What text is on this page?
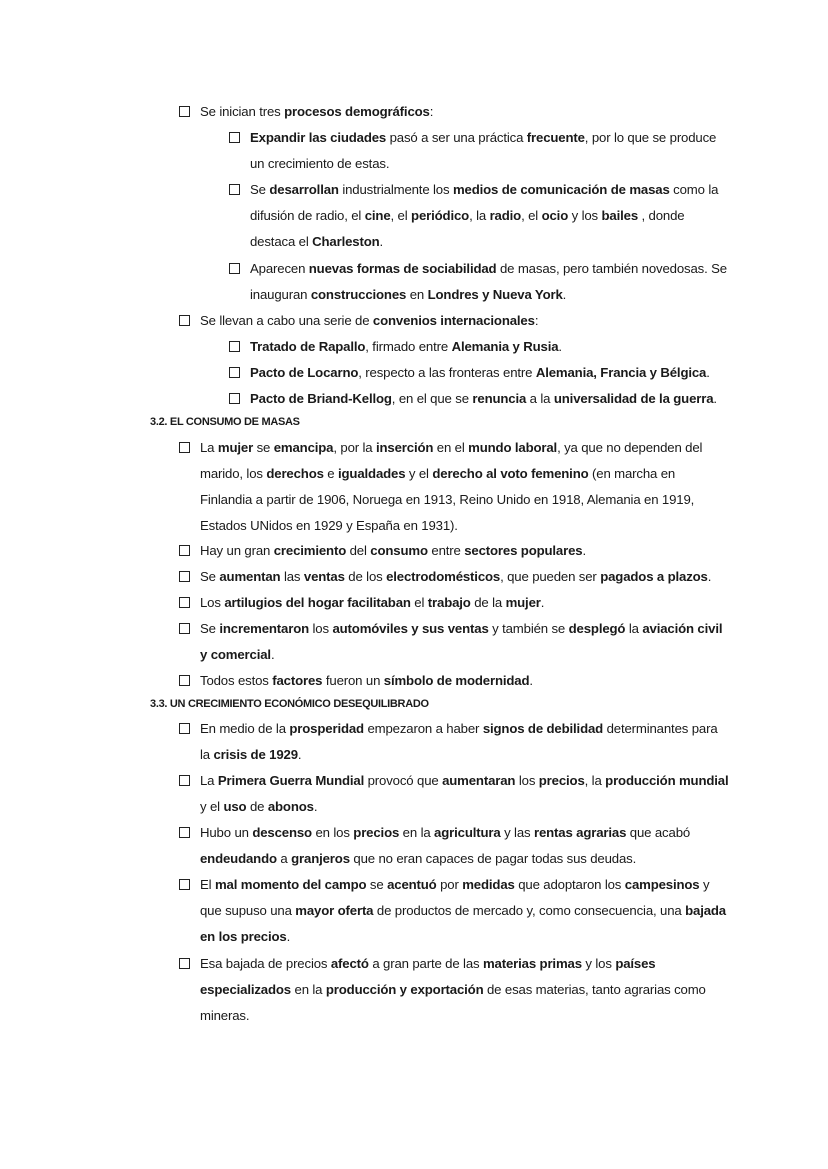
Se inician tres procesos demográficos:
Expandir las ciudades pasó a ser una práctica frecuente, por lo que se produce un crecimiento de estas.
Se desarrollan industrialmente los medios de comunicación de masas como la difusión de radio, el cine, el periódico, la radio, el ocio y los bailes , donde destaca el Charleston.
Aparecen nuevas formas de sociabilidad de masas, pero también novedosas. Se inauguran construcciones en Londres y Nueva York.
Se llevan a cabo una serie de convenios internacionales:
Tratado de Rapallo, firmado entre Alemania y Rusia.
Pacto de Locarno, respecto a las fronteras entre Alemania, Francia y Bélgica.
Pacto de Briand-Kellog, en el que se renuncia a la universalidad de la guerra.
3.2. EL CONSUMO DE MASAS
La mujer se emancipa, por la inserción en el mundo laboral, ya que no dependen del marido, los derechos e igualdades y el derecho al voto femenino (en marcha en Finlandia a partir de 1906, Noruega en 1913, Reino Unido en 1918, Alemania en 1919, Estados UNidos en 1929 y España en 1931).
Hay un gran crecimiento del consumo entre sectores populares.
Se aumentan las ventas de los electrodomésticos, que pueden ser pagados a plazos.
Los artilugios del hogar facilitaban el trabajo de la mujer.
Se incrementaron los automóviles y sus ventas y también se desplegó la aviación civil y comercial.
Todos estos factores fueron un símbolo de modernidad.
3.3. UN CRECIMIENTO ECONÓMICO DESEQUILIBRADO
En medio de la prosperidad empezaron a haber signos de debilidad determinantes para la crisis de 1929.
La Primera Guerra Mundial provocó que aumentaran los precios, la producción mundial y el uso de abonos.
Hubo un descenso en los precios en la agricultura y las rentas agrarias que acabó endeudando a granjeros que no eran capaces de pagar todas sus deudas.
El mal momento del campo se acentuó por medidas que adoptaron los campesinos y que supuso una mayor oferta de productos de mercado y, como consecuencia, una bajada en los precios.
Esa bajada de precios afectó a gran parte de las materias primas y los países especializados en la producción y exportación de esas materias, tanto agrarias como mineras.
